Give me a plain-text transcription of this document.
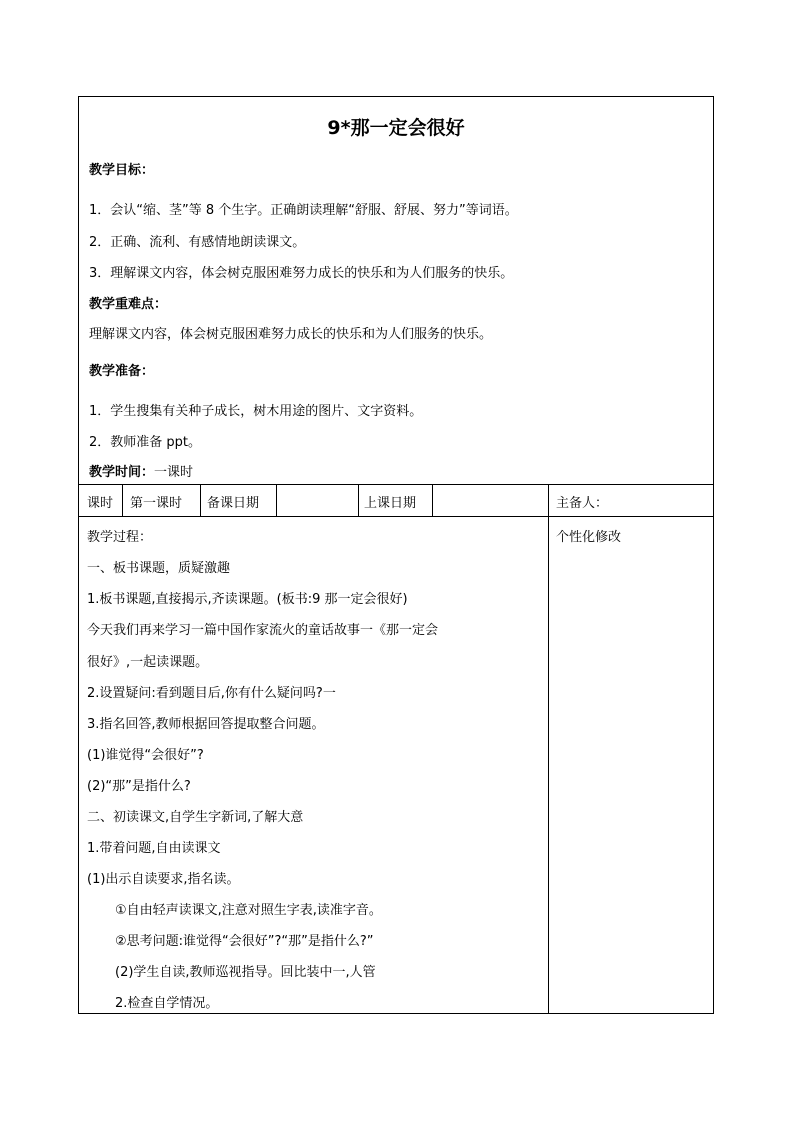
9*那一定会很好
教学目标：
1．会认“缩、茎”等 8 个生字。正确朗读理解“舒服、舒展、努力”等词语。
2．正确、流利、有感情地朗读课文。
3．理解课文内容，体会树克服困难努力成长的快乐和为人们服务的快乐。
教学重难点：
理解课文内容，体会树克服困难努力成长的快乐和为人们服务的快乐。
教学准备：
1．学生搜集有关种子成长，树木用途的图片、文字资料。
2．教师准备 ppt。
教学时间：一课时
课时 第一课时 备课日期	上课日期	主备人：
个性化修改
教学过程：
一、板书课题，质疑激趣
1.板书课题,直接揭示,齐读课题。(板书:9 那一定会很好)
今天我们再来学习一篇中国作家流火的童话故事一《那一定会
很好》,一起读课题。
2.设置疑问:看到题目后,你有什么疑问吗?一
3.指名回答,教师根据回答提取整合问题。
(1)谁觉得“会很好”?
(2)“那”是指什么?
二、初读课文,自学生字新词,了解大意
1.带着问题,自由读课文
(1)出示自读要求,指名读。
①自由轻声读课文,注意对照生字表,读准字音。
②思考问题:谁觉得“会很好”?“那”是指什么?”
(2)学生自读,教师巡视指导。回比装中一,人管
2.检查自学情况。
